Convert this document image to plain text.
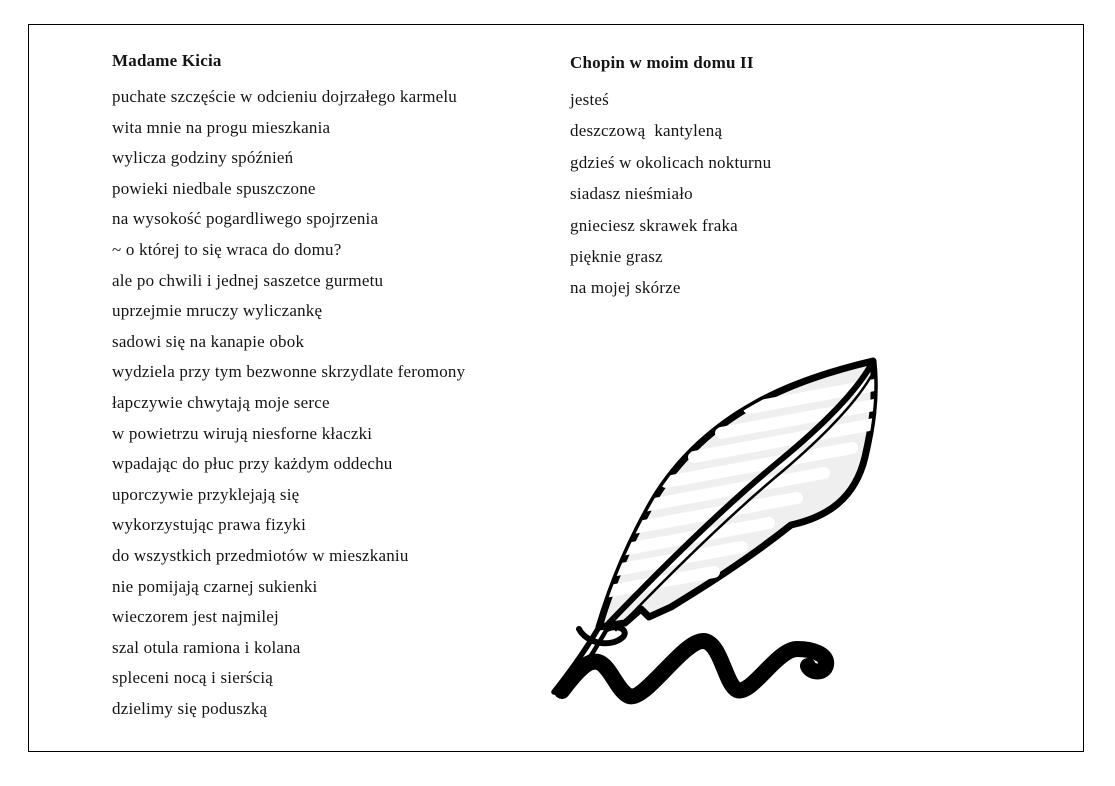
Madame Kicia
puchate szczęście w odcieniu dojrzałego karmelu
wita mnie na progu mieszkania
wylicza godziny spóźnień
powieki niedbale spuszczone
na wysokość pogardliwego spojrzenia
~ o której to się wraca do domu?
ale po chwili i jednej saszetce gurmetu
uprzejmie mruczy wyliczankę
sadowi się na kanapie obok
wydziela przy tym bezwonne skrzydlate feromony
łapczywie chwytają moje serce
w powietrzu wirują niesforne kłaczki
wpadając do płuc przy każdym oddechu
uporczywie przyklejają się
wykorzystując prawa fizyki
do wszystkich przedmiotów w mieszkaniu
nie pomijają czarnej sukienki
wieczorem jest najmilej
szal otula ramiona i kolana
spleceni nocą i sierścią
dzielimy się poduszką
Chopin w moim domu II
jesteś
deszczową  kantyleną
gdzieś w okolicach nokturnu
siadasz nieśmiało
gnieciesz skrawek fraka
pięknie grasz
na mojej skórze
